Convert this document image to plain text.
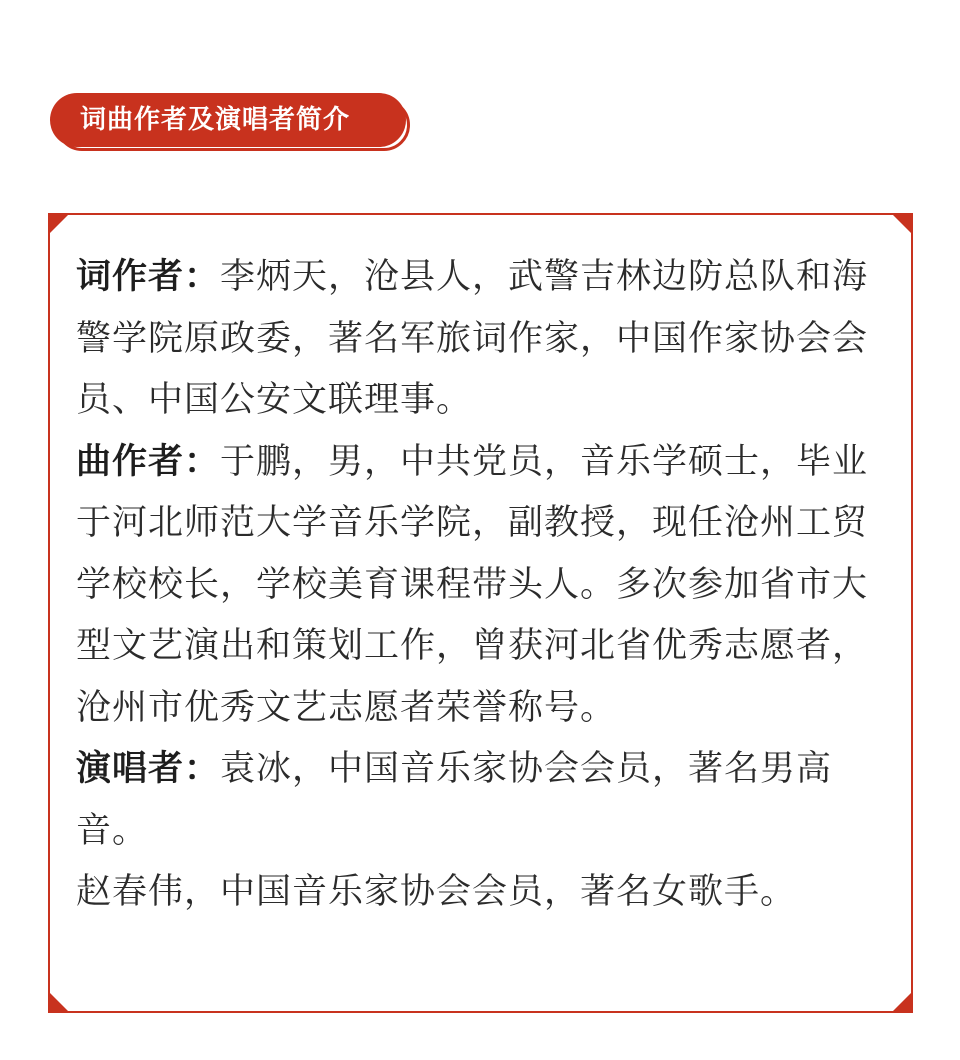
词曲作者及演唱者简介

词作者：李炳天，沧县人，武警吉林边防总队和海警学院原政委，著名军旅词作家，中国作家协会会员、中国公安文联理事。

曲作者：于鹏，男，中共党员，音乐学硕士，毕业于河北师范大学音乐学院，副教授，现任沧州工贸学校校长，学校美育课程带头人。多次参加省市大型文艺演出和策划工作，曾获河北省优秀志愿者，沧州市优秀文艺志愿者荣誉称号。

演唱者：袁冰，中国音乐家协会会员，著名男高音。

赵春伟，中国音乐家协会会员，著名女歌手。
